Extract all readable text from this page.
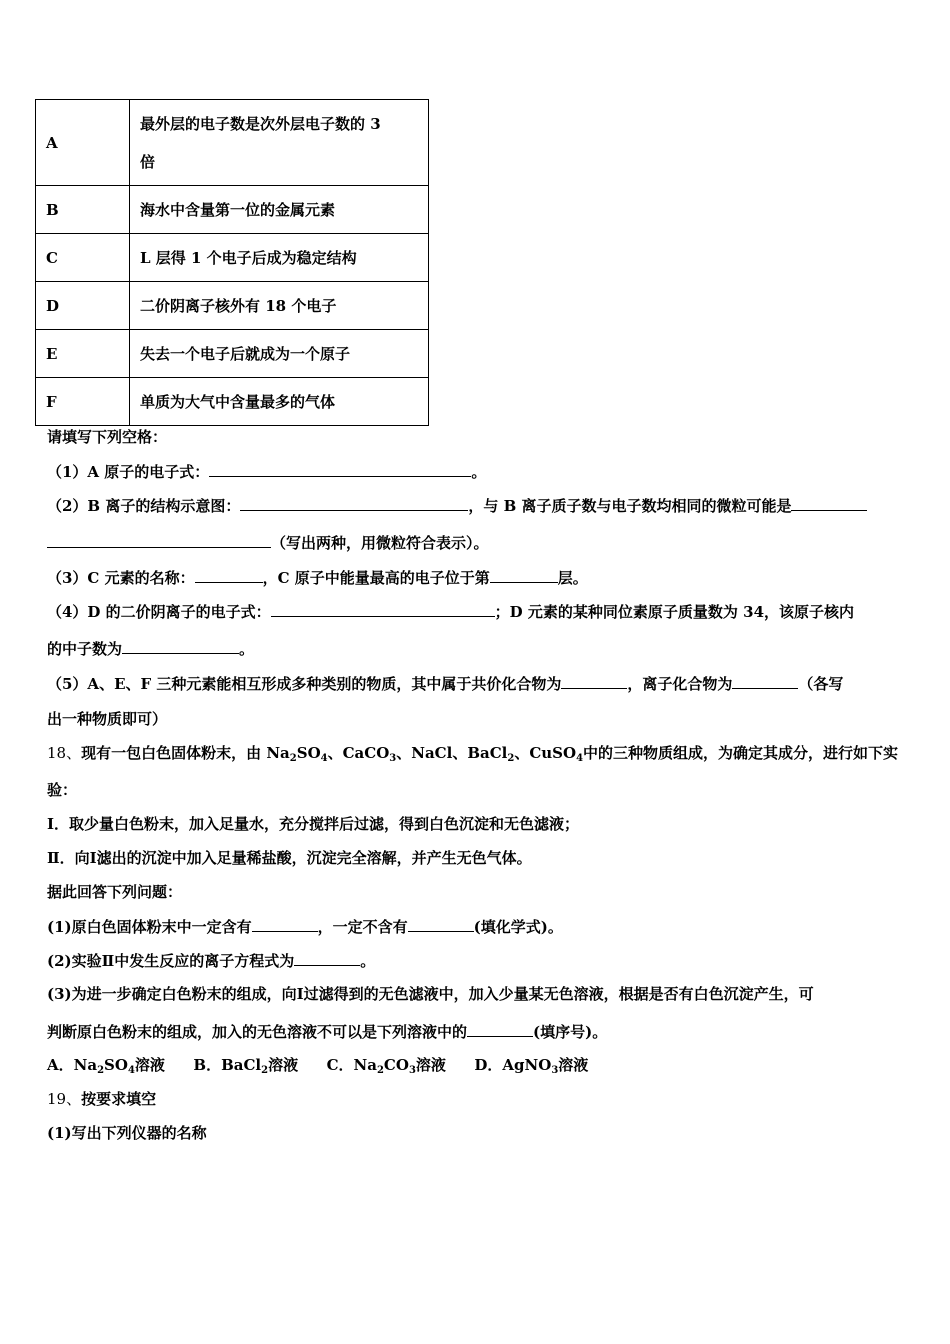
A	最外层的电子数是次外层电子数的 3
倍

B	海水中含量第一位的金属元素
C	L 层得 1 个电子后成为稳定结构
D	二价阴离子核外有 18 个电子
E	失去一个电子后就成为一个原子
F	单质为大气中含量最多的气体
请填写下列空格：
（1）A 原子的电子式：	。
（2）B 离子的结构示意图：	，与 B 离子质子数与电子数均相同的微粒可能是
（写出两种，用微粒符合表示）。
（3）C 元素的名称：	，C 原子中能量最高的电子位于第	层。
（4）D 的二价阴离子的电子式：	；D 元素的某种同位素原子质量数为 34，该原子核内
的中子数为	。
（5）A、E、F 三种元素能相互形成多种类别的物质，其中属于共价化合物为	，离子化合物为	（各写
出一种物质即可）
18、现有一包白色固体粉末，由 $Na_2SO_4$、CaCO$_3$、NaCl、BaCl$_2$、CuSO$_4$中的三种物质组成，为确定其成分，进行如下实
验：
Ⅰ．取少量白色粉末，加入足量水，充分搅拌后过滤，得到白色沉淀和无色滤液；
Ⅱ．向Ⅰ滤出的沉淀中加入足量稀盐酸，沉淀完全溶解，并产生无色气体。
据此回答下列问题：
(1)原白色固体粉末中一定含有	，一定不含有	(填化学式)。
(2)实验Ⅱ中发生反应的离子方程式为	。
(3)为进一步确定白色粉末的组成，向Ⅰ过滤得到的无色滤液中，加入少量某无色溶液，根据是否有白色沉淀产生，可
判断原白色粉末的组成，加入的无色溶液不可以是下列溶液中的	(填序号)。
A．$Na_2SO_4$溶液 B．BaCl$_2$溶液 C．$Na_2CO_3$溶液 D．AgNO$_3$溶液
19、按要求填空
(1)写出下列仪器的名称
